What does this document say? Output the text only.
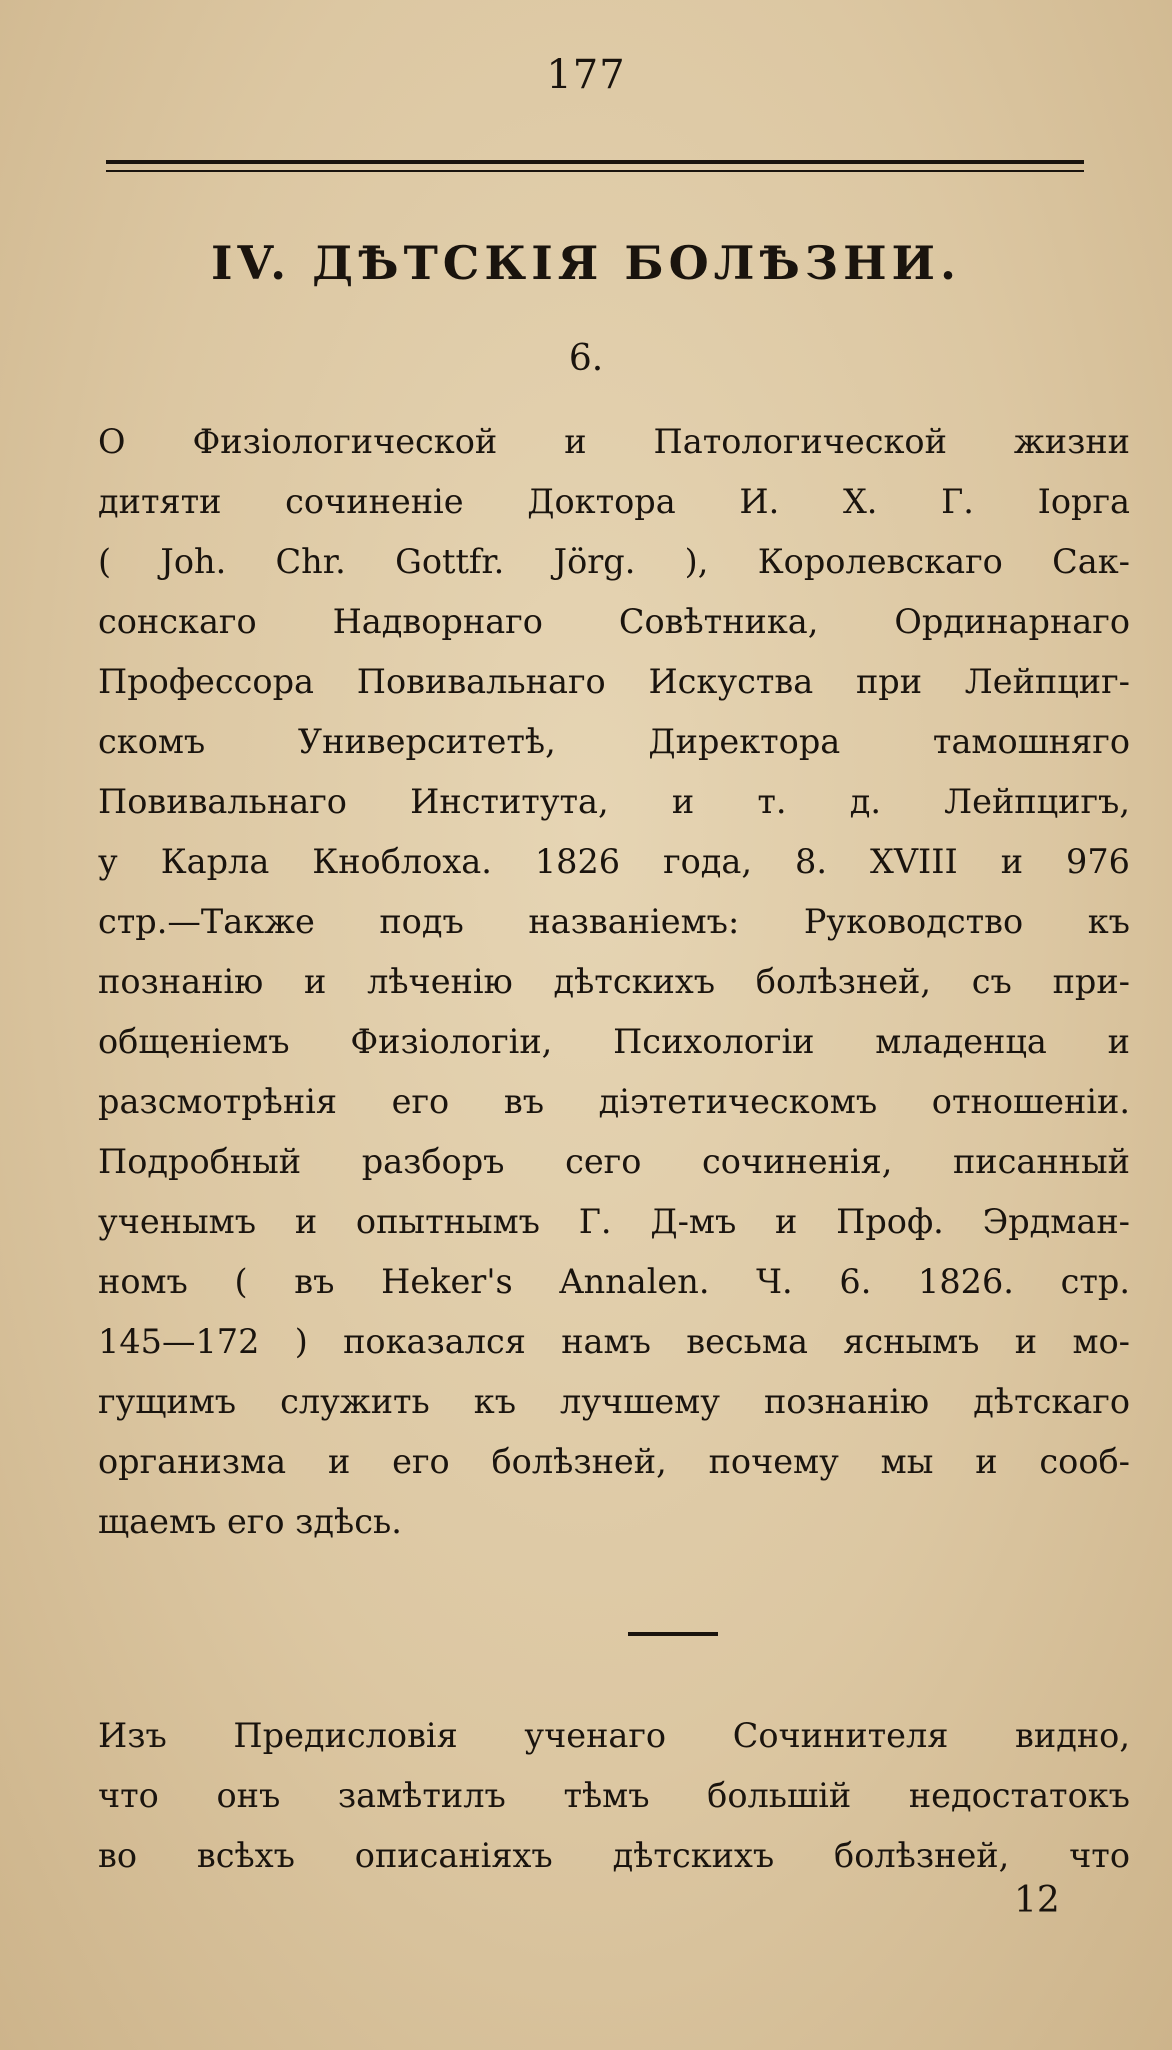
177
IV. ДѢТСКІЯ БОЛѢЗНИ.
6.
О Физіологической и Патологической жизни
дитяти сочиненіе Доктора И. Х. Г. Іорга
( Joh. Chr. Gottfr. Jörg. ), Королевскаго Сак-
сонскаго Надворнаго Совѣтника, Ординарнаго
Профессора Повивальнаго Искуства при Лейпциг-
скомъ Университетѣ, Директора тамошняго
Повивальнаго Института, и т. д. Лейпцигъ,
у Карла Кноблоха. 1826 года, 8. XVIII и 976
стр.—Также подъ названіемъ: Руководство къ
познанію и лѣченію дѣтскихъ болѣзней, съ при-
общеніемъ Физіологіи, Психологіи младенца и
разсмотрѣнія его въ діэтетическомъ отношеніи.
Подробный разборъ сего сочиненія, писанный
ученымъ и опытнымъ Г. Д-мъ и Проф. Эрдман-
номъ ( въ Heker's Annalen. Ч. 6. 1826. стр.
145—172 ) показался намъ весьма яснымъ и мо-
гущимъ служить къ лучшему познанію дѣтскаго
организма и его болѣзней, почему мы и сооб-
щаемъ его здѣсь.
Изъ Предисловія ученаго Сочинителя видно,
что онъ замѣтилъ тѣмъ большій недостатокъ
во всѣхъ описаніяхъ дѣтскихъ болѣзней, что
12
